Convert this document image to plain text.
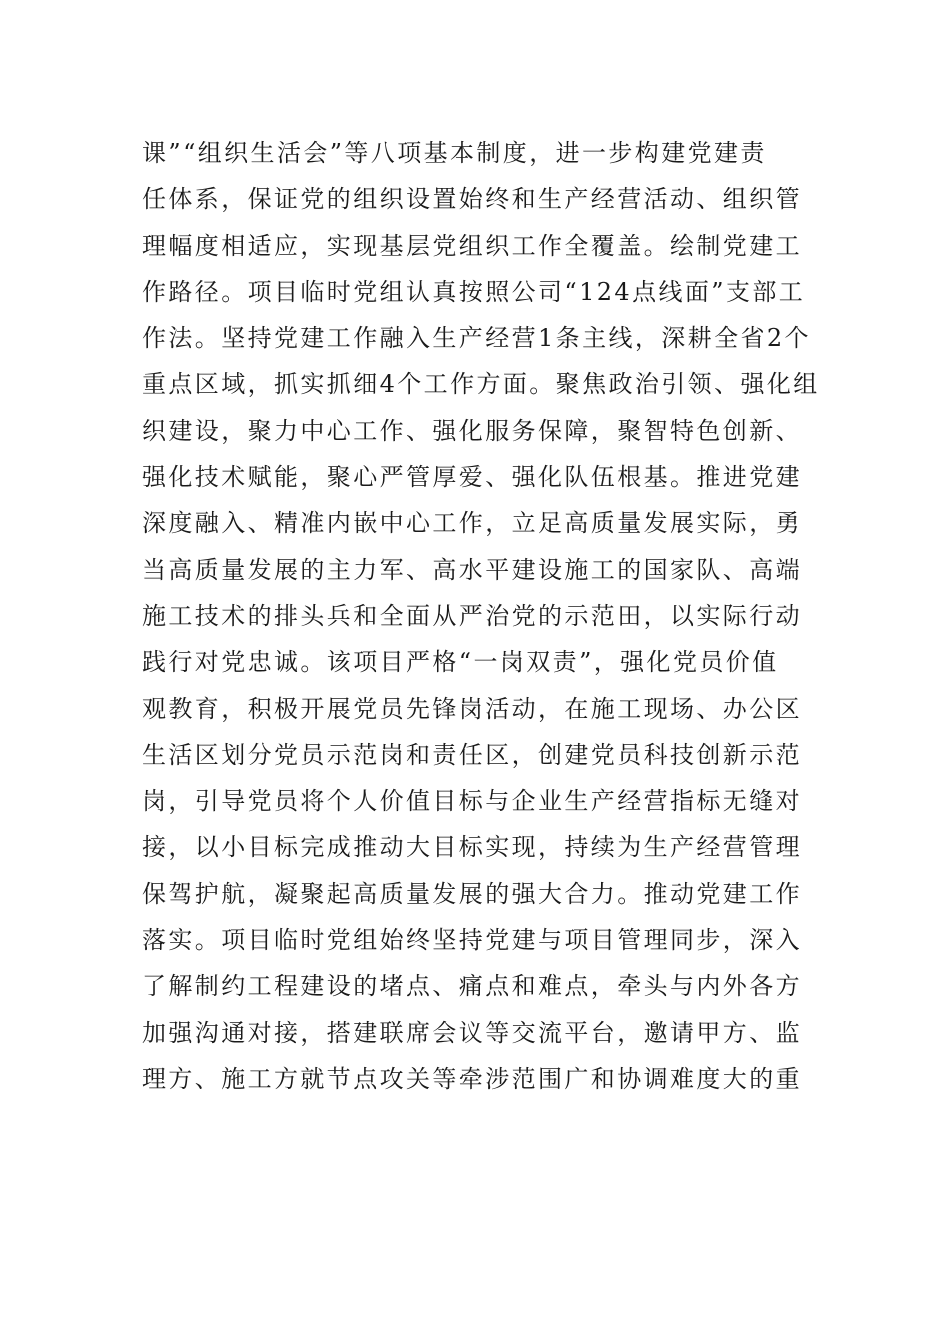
课”“组织生活会”等八项基本制度，进一步构建党建责
任体系，保证党的组织设置始终和生产经营活动、组织管
理幅度相适应，实现基层党组织工作全覆盖。绘制党建工
作路径。项目临时党组认真按照公司“124点线面”支部工
作法。坚持党建工作融入生产经营1条主线，深耕全省2个
重点区域，抓实抓细4个工作方面。聚焦政治引领、强化组
织建设，聚力中心工作、强化服务保障，聚智特色创新、
强化技术赋能，聚心严管厚爱、强化队伍根基。推进党建
深度融入、精准内嵌中心工作，立足高质量发展实际，勇
当高质量发展的主力军、高水平建设施工的国家队、高端
施工技术的排头兵和全面从严治党的示范田，以实际行动
践行对党忠诚。该项目严格“一岗双责”，强化党员价值
观教育，积极开展党员先锋岗活动，在施工现场、办公区
生活区划分党员示范岗和责任区，创建党员科技创新示范
岗，引导党员将个人价值目标与企业生产经营指标无缝对
接，以小目标完成推动大目标实现，持续为生产经营管理
保驾护航，凝聚起高质量发展的强大合力。推动党建工作
落实。项目临时党组始终坚持党建与项目管理同步，深入
了解制约工程建设的堵点、痛点和难点，牵头与内外各方
加强沟通对接，搭建联席会议等交流平台，邀请甲方、监
理方、施工方就节点攻关等牵涉范围广和协调难度大的重
